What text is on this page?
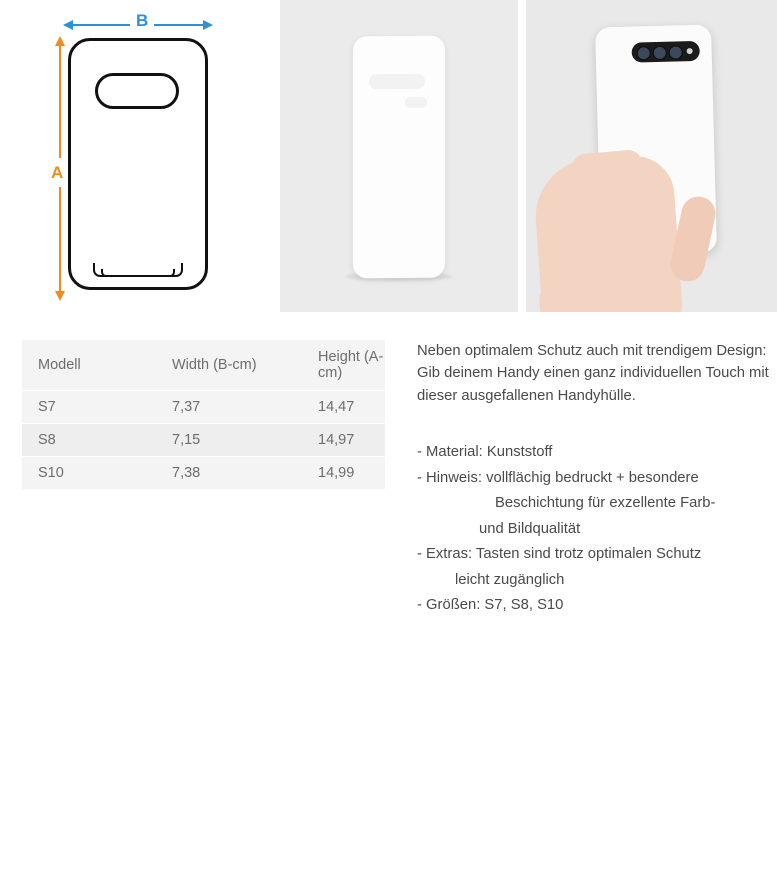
B
A
Modell	Width (B-cm)	Height (A-cm)
S7	7,37	14,47
S8	7,15	14,97
S10	7,38	14,99

Neben optimalem Schutz auch mit trendigem Design: Gib deinem Handy einen ganz individuellen Touch mit dieser ausgefallenen Handyhülle.

- Material: Kunststoff
- Hinweis: vollflächig bedruckt + besondere
Beschichtung für exzellente Farb-
und Bildqualität
- Extras: Tasten sind trotz optimalen Schutz
leicht zugänglich
- Größen: S7, S8, S10
